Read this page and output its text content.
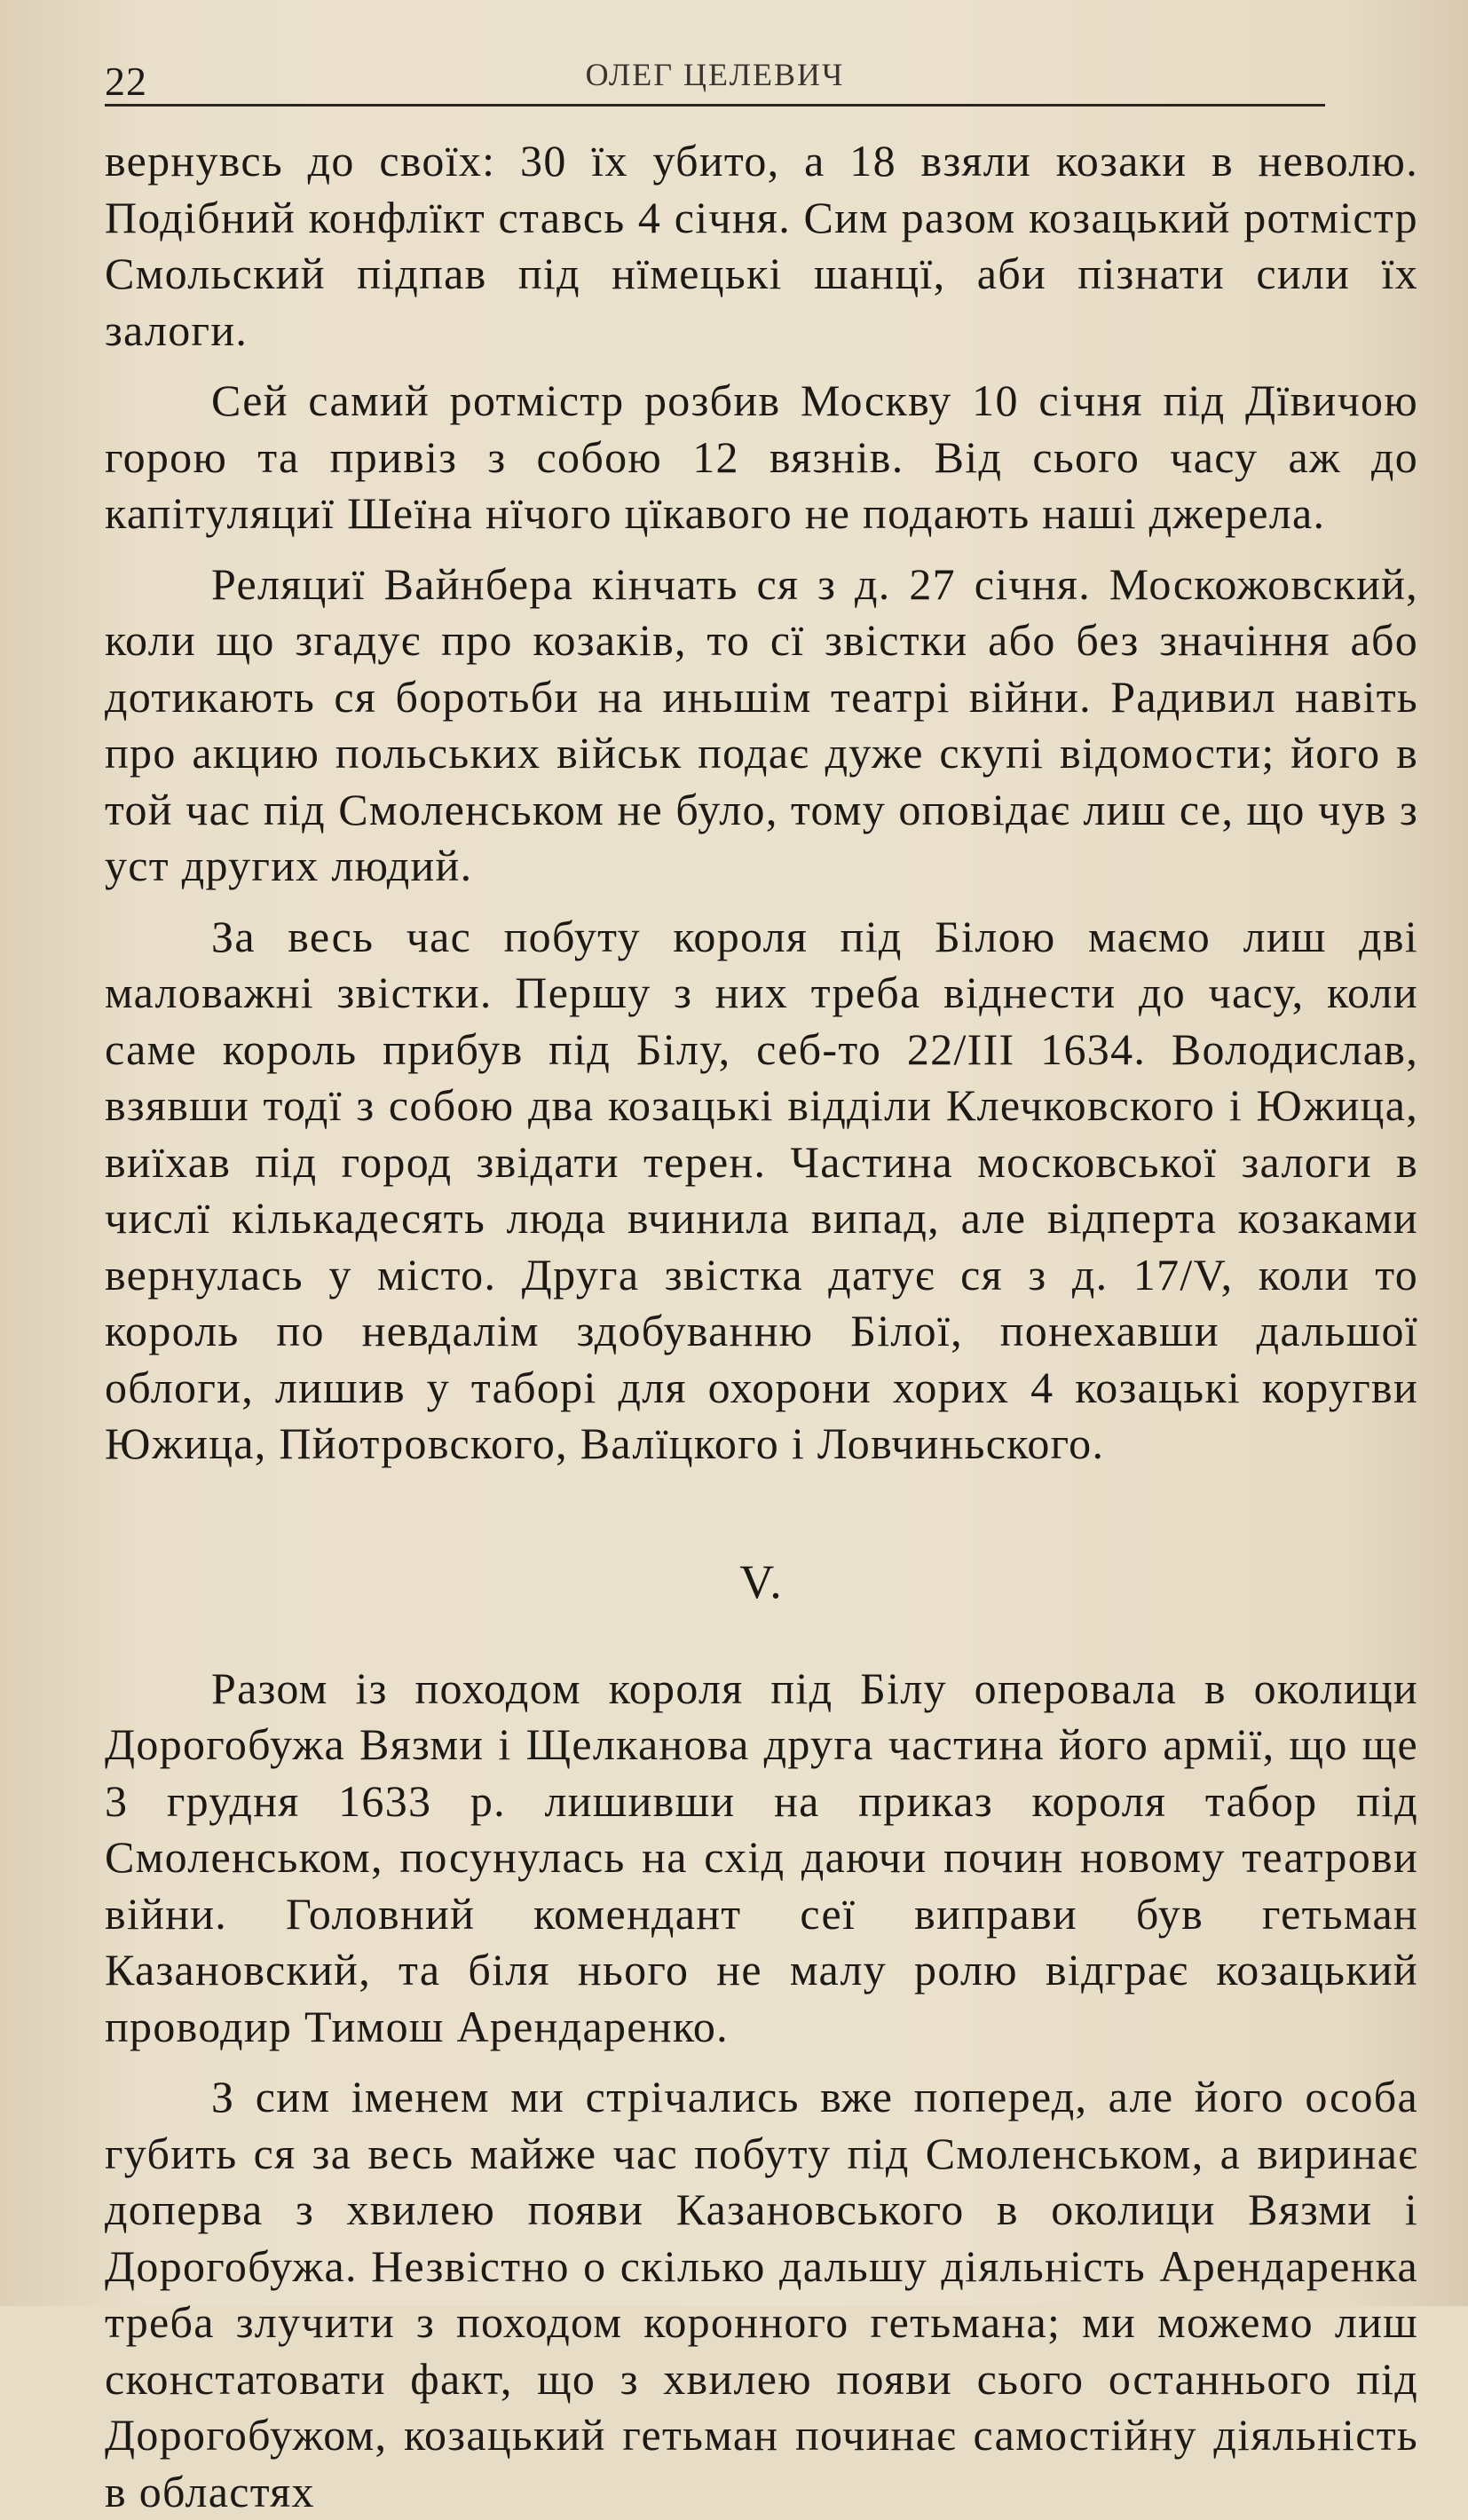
22	ОЛЕГ ЦЕЛЕВИЧ

вернувсь до своїх: 30 їх убито, а 18 взяли козаки в неволю. Подібний конфлїкт ставсь 4 січня. Сим разом козацький ротмістр Смольский підпав під нїмецькі шанцї, аби пізнати сили їх залоги.

Сей самий ротмістр розбив Москву 10 січня під Дївичою горою та привіз з собою 12 вязнів. Від сього часу аж до капітуляциї Шеїна нїчого цїкавого не подають наші джерела.

Реляциї Вайнбера кінчать ся з д. 27 січня. Москожовский, коли що згадує про козаків, то сї звістки або без значіння або дотикають ся боротьби на иньшім театрі війни. Радивил навіть про акцию польських військ подає дуже скупі відомости; його в той час під Смоленськом не було, тому оповідає лиш се, що чув з уст других людий.

За весь час побуту короля під Білою маємо лиш дві маловажні звістки. Першу з них треба віднести до часу, коли саме король прибув під Білу, себ-то 22/III 1634. Володислав, взявши тодї з собою два козацькі відділи Клечковского і Южица, виїхав під город звідати терен. Частина московської залоги в числї кількадесять люда вчинила випад, але відперта козаками вернулась у місто. Друга звістка датує ся з д. 17/V, коли то король по невдалім здобуванню Білої, понехавши дальшої облоги, лишив у таборі для охорони хорих 4 козацькі коругви Южица, Пйотровского, Валїцкого і Ловчиньского.

V.

Разом із походом короля під Білу оперовала в околици Дорогобужа Вязми і Щелканова друга частина його армії, що ще 3 грудня 1633 р. лишивши на приказ короля табор під Смоленськом, посунулась на схід даючи почин новому театрови війни. Головний комендант сеї виправи був гетьман Казановский, та біля нього не малу ролю відграє козацький проводир Тимош Арендаренко.

З сим іменем ми стрічались вже поперед, але його особа губить ся за весь майже час побуту під Смоленськом, а виринає доперва з хвилею появи Казановського в околици Вязми і Дорогобужа. Незвістно о скілько дальшу діяльність Арендаренка треба злучити з походом коронного гетьмана; ми можемо лиш сконстатовати факт, що з хвилею появи сього останнього під Дорогобужом, козацький гетьман починає самостійну діяльність в областях
